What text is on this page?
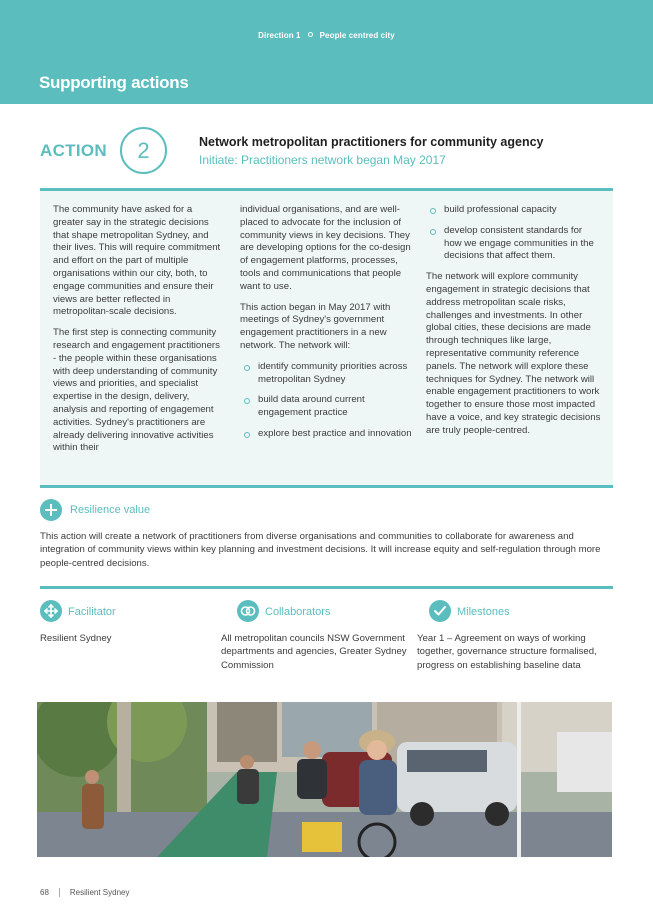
Direction 1 People centred city
Supporting actions
ACTION	2	Network metropolitan practitioners for community agency
Initiate: Practitioners network began May 2017

The community have asked for a greater say in the strategic decisions that shape metropolitan Sydney, and their lives. This will require commitment and effort on the part of multiple organisations within our city, both, to engage communities and ensure their views are better reflected in metropolitan-scale decisions.

The first step is connecting community research and engagement practitioners - the people within these organisations with deep understanding of community views and priorities, and specialist expertise in the design, delivery, analysis and reporting of engagement activities. Sydney's practitioners are already delivering innovative activities within their

individual organisations, and are well-placed to advocate for the inclusion of community views in key decisions. They are developing options for the co-design of engagement platforms, processes, tools and communications that people want to use.

This action began in May 2017 with meetings of Sydney's government engagement practitioners in a new network. The network will:

identify community priorities across metropolitan Sydney
build data around current engagement practice
explore best practice and innovation
build professional capacity
develop consistent standards for how we engage communities in the decisions that affect them.

The network will explore community engagement in strategic decisions that address metropolitan scale risks, challenges and investments. In other global cities, these decisions are made through techniques like large, representative community reference panels. The network will explore these techniques for Sydney. The network will enable engagement practitioners to work together to ensure those most impacted have a voice, and key strategic decisions are truly people-centred.

Resilience value
This action will create a network of practitioners from diverse organisations and communities to collaborate for awareness and integration of community views within key planning and investment decisions. It will increase equity and self-regulation through more people-centred decisions.
Facilitator
Resilient Sydney
Collaborators
All metropolitan councils NSW Government departments and agencies, Greater Sydney Commission
Milestones
Year 1 – Agreement on ways of working together, governance structure formalised, progress on establishing baseline data
68	Resilient Sydney
